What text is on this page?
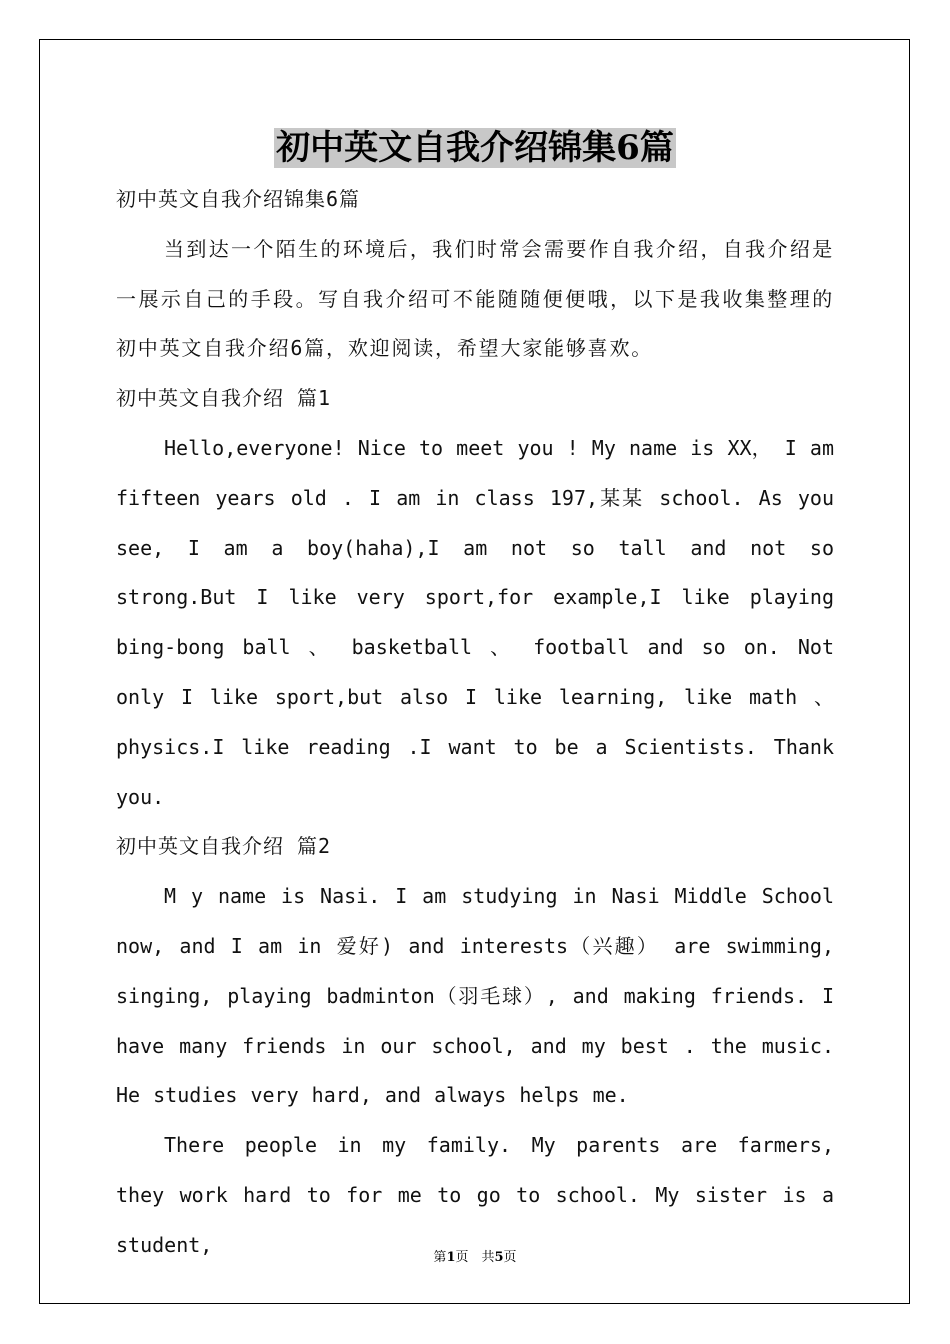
初中英文自我介绍锦集6篇

初中英文自我介绍锦集6篇

当到达一个陌生的环境后，我们时常会需要作自我介绍，自我介绍是一展示自己的手段。写自我介绍可不能随随便便哦，以下是我收集整理的初中英文自我介绍6篇，欢迎阅读，希望大家能够喜欢。

初中英文自我介绍 篇1

Hello,everyone! Nice to meet you ! My name is XX， I am fifteen years old . I am in class 197,某某 school. As you see, I am a boy(haha),I am not so tall and not so strong.But I like very sport,for example,I like playing bing-bong ball 、 basketball 、 football and so on. Not only I like sport,but also I like learning, like math 、physics.I like reading .I want to be a Scientists. Thank you.

初中英文自我介绍 篇2

M y name is Nasi. I am studying in Nasi Middle School now, and I am in 爱好) and interests（兴趣） are swimming, singing, playing badminton（羽毛球）, and making friends. I have many friends in our school, and my best . the music. He studies very hard, and always helps me.

There people in my family. My parents are farmers, they work hard to for me to go to school. My sister is a student,

第1页　共5页
